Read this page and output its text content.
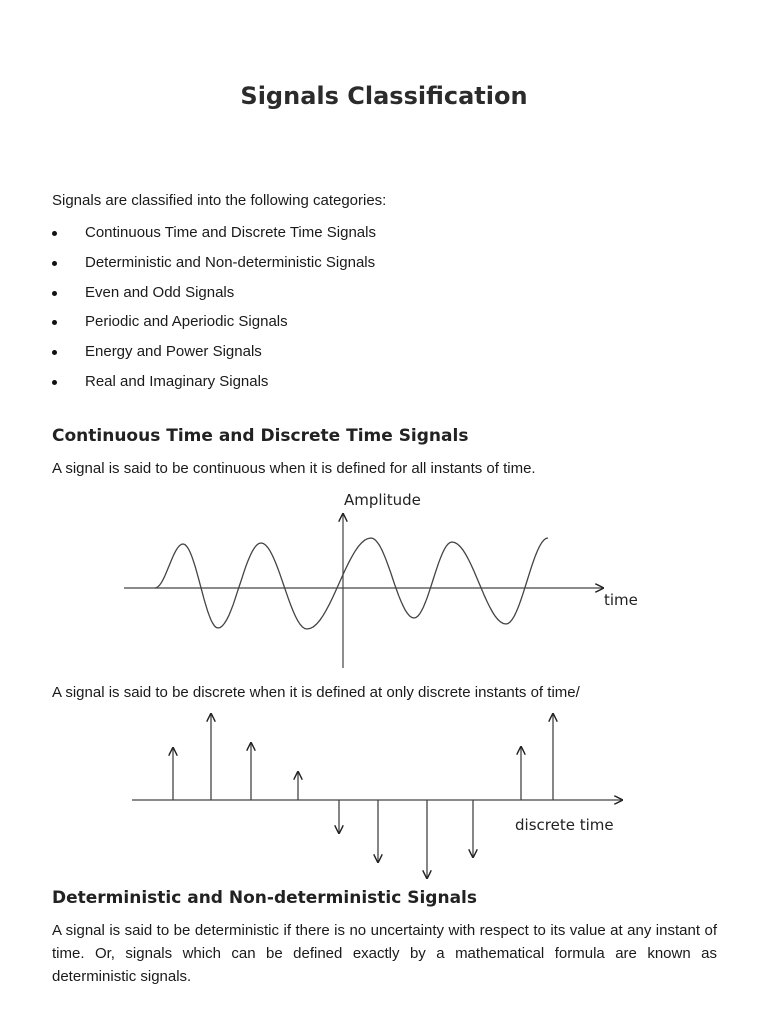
Signals Classification

Signals are classified into the following categories:

Continuous Time and Discrete Time Signals
Deterministic and Non-deterministic Signals
Even and Odd Signals
Periodic and Aperiodic Signals
Energy and Power Signals
Real and Imaginary Signals
Continuous Time and Discrete Time Signals

A signal is said to be continuous when it is defined for all instants of time.

Amplitude
time

A signal is said to be discrete when it is defined at only discrete instants of time/

discrete time
Deterministic and Non-deterministic Signals

A signal is said to be deterministic if there is no uncertainty with respect to its value at any instant of time. Or, signals which can be defined exactly by a mathematical formula are known as deterministic signals.
